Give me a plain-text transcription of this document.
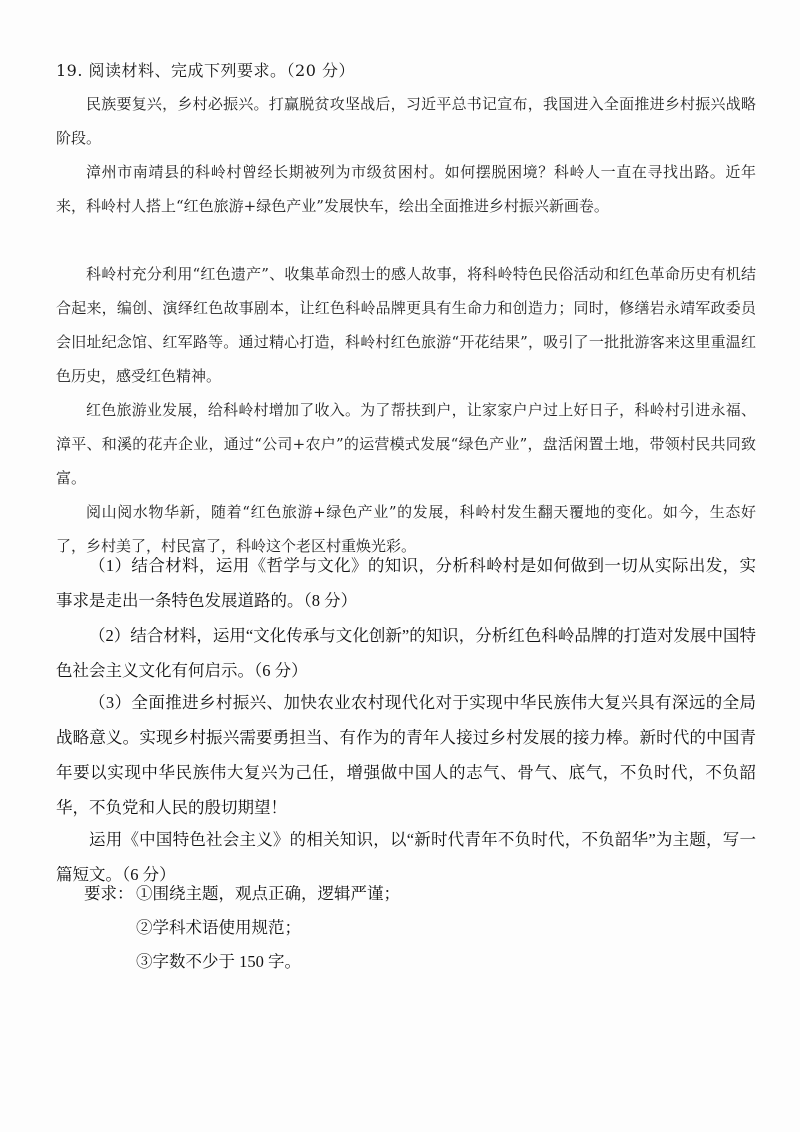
19. 阅读材料、完成下列要求。（20 分）
民族要复兴，乡村必振兴。打赢脱贫攻坚战后，习近平总书记宣布，我国进入全面推进乡村振兴战略阶段。
漳州市南靖县的科岭村曾经长期被列为市级贫困村。如何摆脱困境？科岭人一直在寻找出路。近年来，科岭村人搭上“红色旅游+绿色产业”发展快车，绘出全面推进乡村振兴新画卷。
科岭村充分利用“红色遗产”、收集革命烈士的感人故事，将科岭特色民俗活动和红色革命历史有机结合起来，编创、演绎红色故事剧本，让红色科岭品牌更具有生命力和创造力；同时，修缮岩永靖军政委员会旧址纪念馆、红军路等。通过精心打造，科岭村红色旅游“开花结果”，吸引了一批批游客来这里重温红色历史，感受红色精神。
红色旅游业发展，给科岭村增加了收入。为了帮扶到户，让家家户户过上好日子，科岭村引进永福、漳平、和溪的花卉企业，通过“公司+农户”的运营模式发展“绿色产业”，盘活闲置土地，带领村民共同致富。
阅山阅水物华新，随着“红色旅游+绿色产业”的发展，科岭村发生翻天覆地的变化。如今，生态好了，乡村美了，村民富了，科岭这个老区村重焕光彩。
（1）结合材料，运用《哲学与文化》的知识，分析科岭村是如何做到一切从实际出发，实事求是走出一条特色发展道路的。（8 分）
（2）结合材料，运用“文化传承与文化创新”的知识，分析红色科岭品牌的打造对发展中国特色社会主义文化有何启示。（6 分）
（3）全面推进乡村振兴、加快农业农村现代化对于实现中华民族伟大复兴具有深远的全局战略意义。实现乡村振兴需要勇担当、有作为的青年人接过乡村发展的接力棒。新时代的中国青年要以实现中华民族伟大复兴为己任，增强做中国人的志气、骨气、底气，不负时代，不负韶华，不负党和人民的殷切期望！
运用《中国特色社会主义》的相关知识，以“新时代青年不负时代，不负韶华”为主题，写一篇短文。（6 分）
要求： ①围绕主题，观点正确，逻辑严谨；
②学科术语使用规范；
③字数不少于 150 字。
